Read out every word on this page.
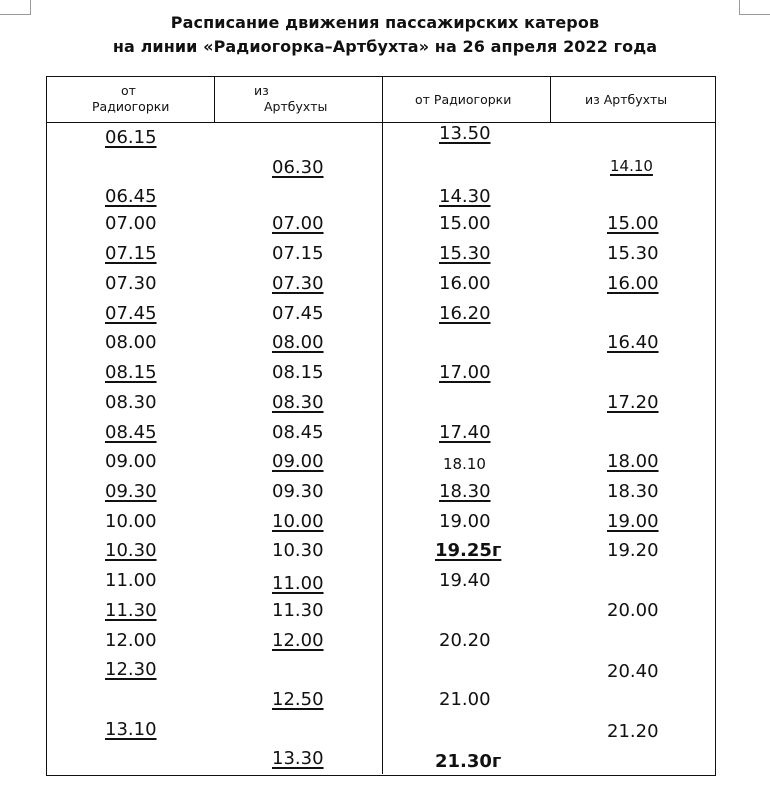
Расписание движения пассажирских катеров
на линии «Радиогорка–Артбухта» на 26 апреля 2022 года
от
Радиогорки
из
Артбухты	от Радиогорки	из Артбухты
06.15
06.45
07.00
07.15
07.30
07.45
08.00
08.15
08.30
08.45
09.00
09.30
10.00
10.30
11.00
11.30
12.00
12.30
13.10
06.30
07.00
07.15
07.30
07.45
08.00
08.15
08.30
08.45
09.00
09.30
10.00
10.30
11.00
11.30
12.00
12.50
13.30
13.50
14.30
15.00
15.30
16.00
16.20
17.00
17.40
18.10
18.30
19.00
19.25г
19.40
20.20
21.00
21.30г
14.10
15.00
15.30
16.00
16.40
17.20
18.00
18.30
19.00
19.20
20.00
20.40
21.20
